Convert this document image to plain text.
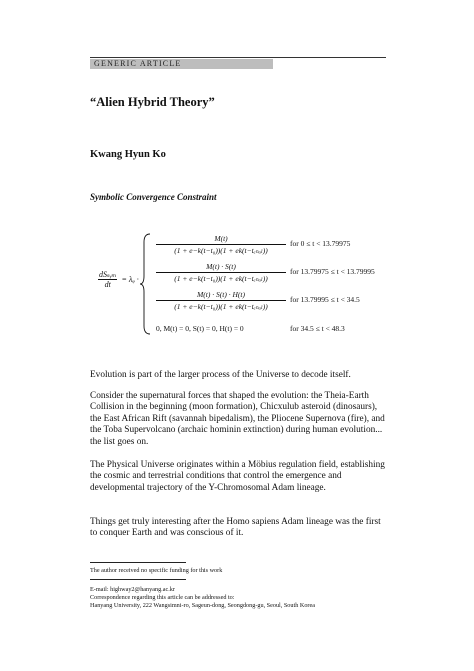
GENERIC ARTICLE
“Alien Hybrid Theory”
Kwang Hyun Ko
Symbolic Convergence Constraint
$\frac{\text{dSₛᵧₘ}}{dt}$ = λᵩ ·
M(t)
(1 + e−k(t−t₀))(1 + ek(t−tₑₙₐₗ))
for 0 ≤ t < 13.79975
M(t) · S(t)
(1 + e−k(t−t₀))(1 + ek(t−tₑₙₐₗ))
for 13.79975 ≤ t < 13.79995
M(t) · S(t) · H(t)
(1 + e−k(t−t₀))(1 + ek(t−tₑₙₐₗ))
for 13.79995 ≤ t < 34.5
0, M(t) = 0, S(t) = 0, H(t) = 0	for 34.5 ≤ t < 48.3
Evolution is part of the larger process of the Universe to decode itself.
Consider the supernatural forces that shaped the evolution: the Theia-Earth Collision in the beginning (moon formation), Chicxulub asteroid (dinosaurs), the East African Rift (savannah bipedalism), the Pliocene Supernova (fire), and the Toba Supervolcano (archaic hominin extinction) during human evolution... the list goes on.
The Physical Universe originates within a Möbius regulation field, establishing the cosmic and terrestrial conditions that control the emergence and developmental trajectory of the Y-Chromosomal Adam lineage.
Things get truly interesting after the Homo sapiens Adam lineage was the first to conquer Earth and was conscious of it.
The author received no specific funding for this work
E-mail: highway2@hanyang.ac.kr
Correspondence regarding this article can be addressed to:
Hanyang University, 222 Wangsimni-ro, Sageun-dong, Seongdong-gu, Seoul, South Korea
